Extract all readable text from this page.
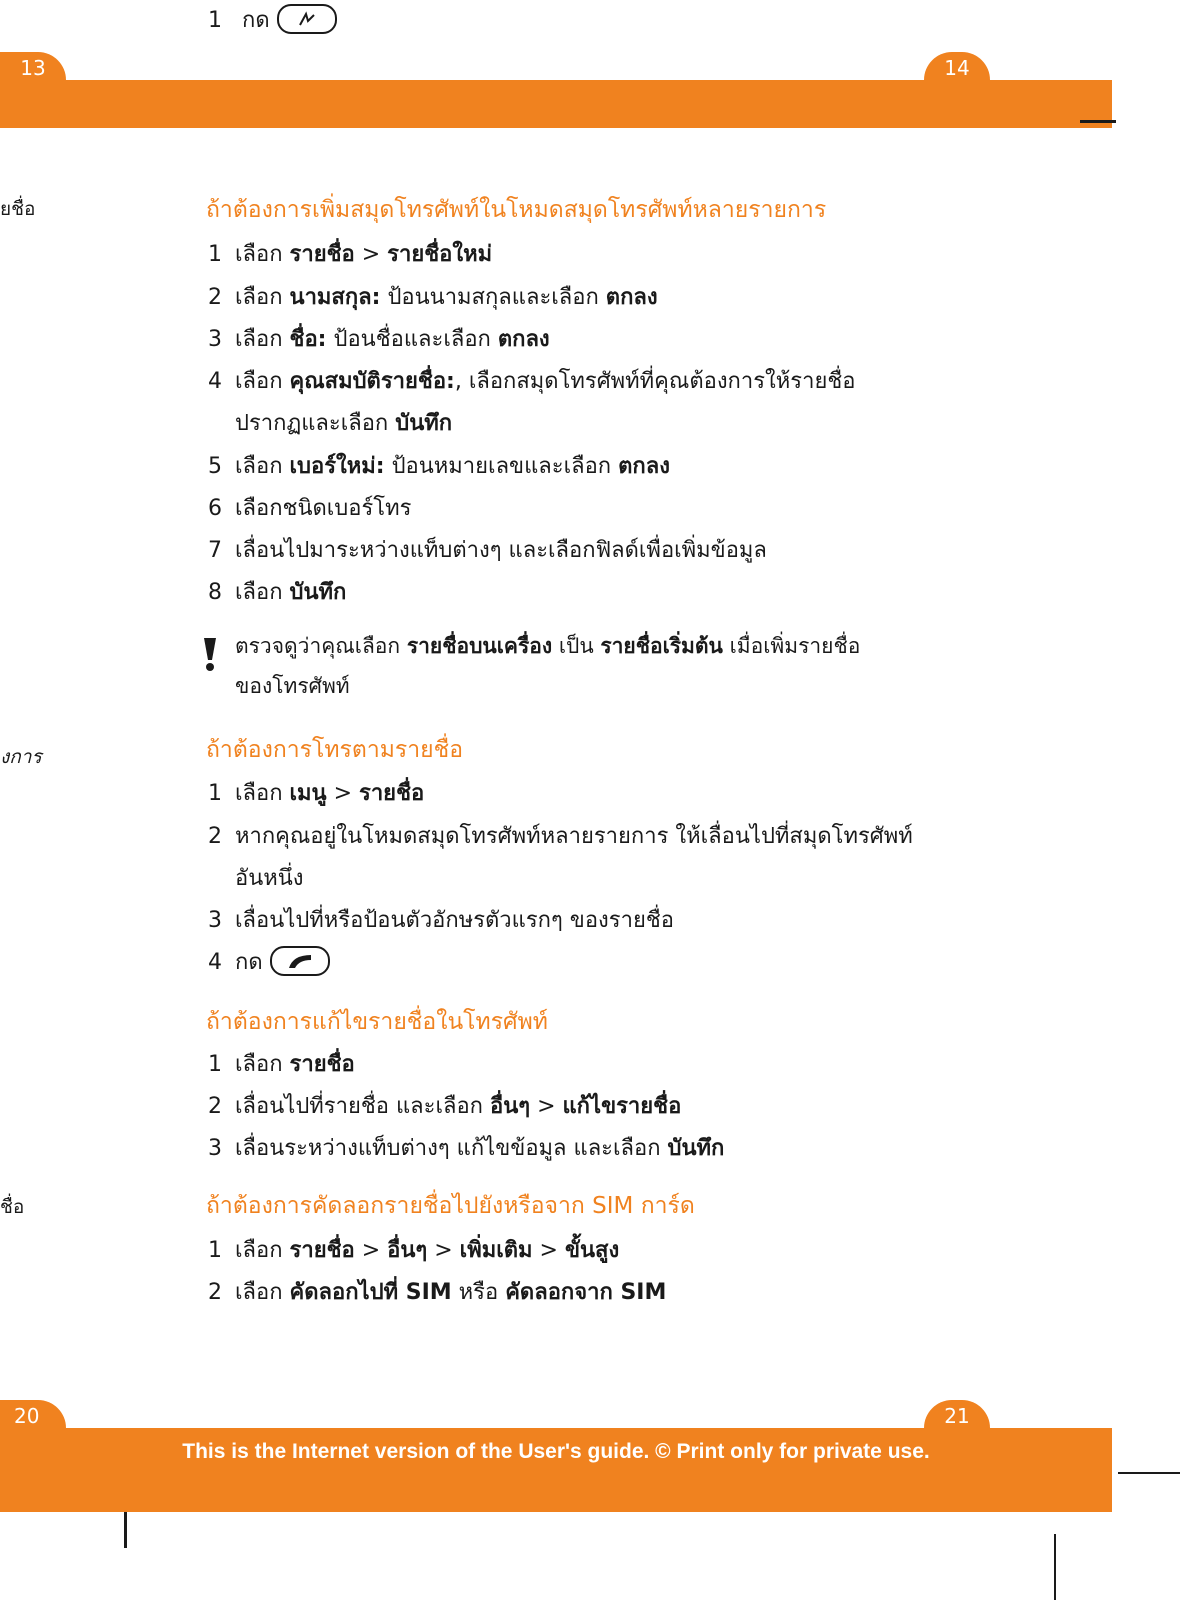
1 กด
13	14
ยชื่อ
งการ
ชื่อ
ถ้าต้องการเพิ่มสมุดโทรศัพท์ในโหมดสมุดโทรศัพท์หลายรายการ
1 เลือก รายชื่อ > รายชื่อใหม่
2 เลือก นามสกุล: ป้อนนามสกุลและเลือก ตกลง
3 เลือก ชื่อ: ป้อนชื่อและเลือก ตกลง
4 เลือก คุณสมบัติรายชื่อ:, เลือกสมุดโทรศัพท์ที่คุณต้องการให้รายชื่อ
ปรากฏและเลือก บันทึก
5 เลือก เบอร์ใหม่: ป้อนหมายเลขและเลือก ตกลง
6 เลือกชนิดเบอร์โทร
7 เลื่อนไปมาระหว่างแท็บต่างๆ และเลือกฟิลด์เพื่อเพิ่มข้อมูล
8 เลือก บันทึก
ตรวจดูว่าคุณเลือก รายชื่อบนเครื่อง เป็น รายชื่อเริ่มต้น เมื่อเพิ่มรายชื่อ
ของโทรศัพท์
ถ้าต้องการโทรตามรายชื่อ
1 เลือก เมนู > รายชื่อ
2 หากคุณอยู่ในโหมดสมุดโทรศัพท์หลายรายการ ให้เลื่อนไปที่สมุดโทรศัพท์
อันหนึ่ง
3 เลื่อนไปที่หรือป้อนตัวอักษรตัวแรกๆ ของรายชื่อ
4 กด
ถ้าต้องการแก้ไขรายชื่อในโทรศัพท์
1 เลือก รายชื่อ
2 เลื่อนไปที่รายชื่อ และเลือก อื่นๆ > แก้ไขรายชื่อ
3 เลื่อนระหว่างแท็บต่างๆ แก้ไขข้อมูล และเลือก บันทึก
ถ้าต้องการคัดลอกรายชื่อไปยังหรือจาก SIM การ์ด
1 เลือก รายชื่อ > อื่นๆ > เพิ่มเติม > ขั้นสูง
2 เลือก คัดลอกไปที่ SIM หรือ คัดลอกจาก SIM
20	21
This is the Internet version of the User's guide. © Print only for private use.
